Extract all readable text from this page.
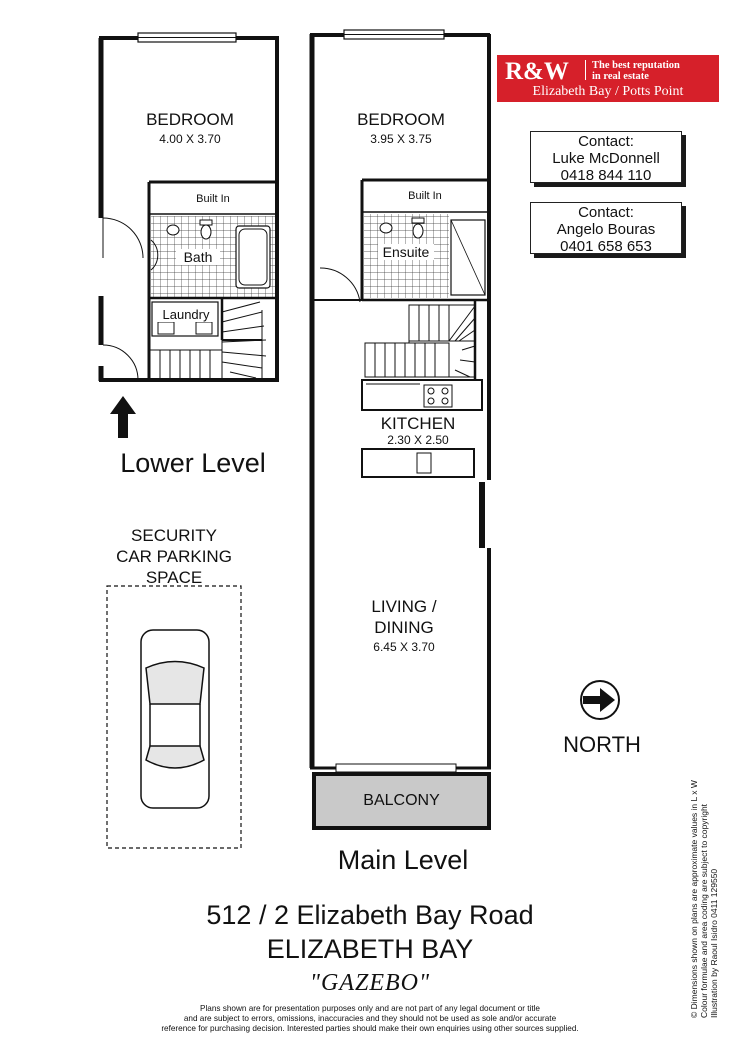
R&W The best reputation
in real estate
Elizabeth Bay / Potts Point
Contact:
Luke McDonnell
0418 844 110
Contact:
Angelo Bouras
0401 658 653
BEDROOM
4.00 X 3.70
Built In
Bath
Laundry
Lower Level
BEDROOM
3.95 X 3.75
Built In
Ensuite
KITCHEN
2.30 X 2.50
LIVING /
DINING
6.45 X 3.70
BALCONY
Main Level
SECURITY
CAR PARKING
SPACE
NORTH
512 / 2 Elizabeth Bay Road
ELIZABETH BAY
"GAZEBO"
Plans shown are for presentation purposes only and are not part of any legal document or title
and are subject to errors, omissions, inaccuracies and they should not be used as sole and/or accurate
reference for purchasing decision. Interested parties should make their own enquiries using other sources supplied.
© Dimensions shown on plans are approximate values in L x W Colour formulae and area coding are subject to copyright Illustration by Raoul Isidro 0411 129550
